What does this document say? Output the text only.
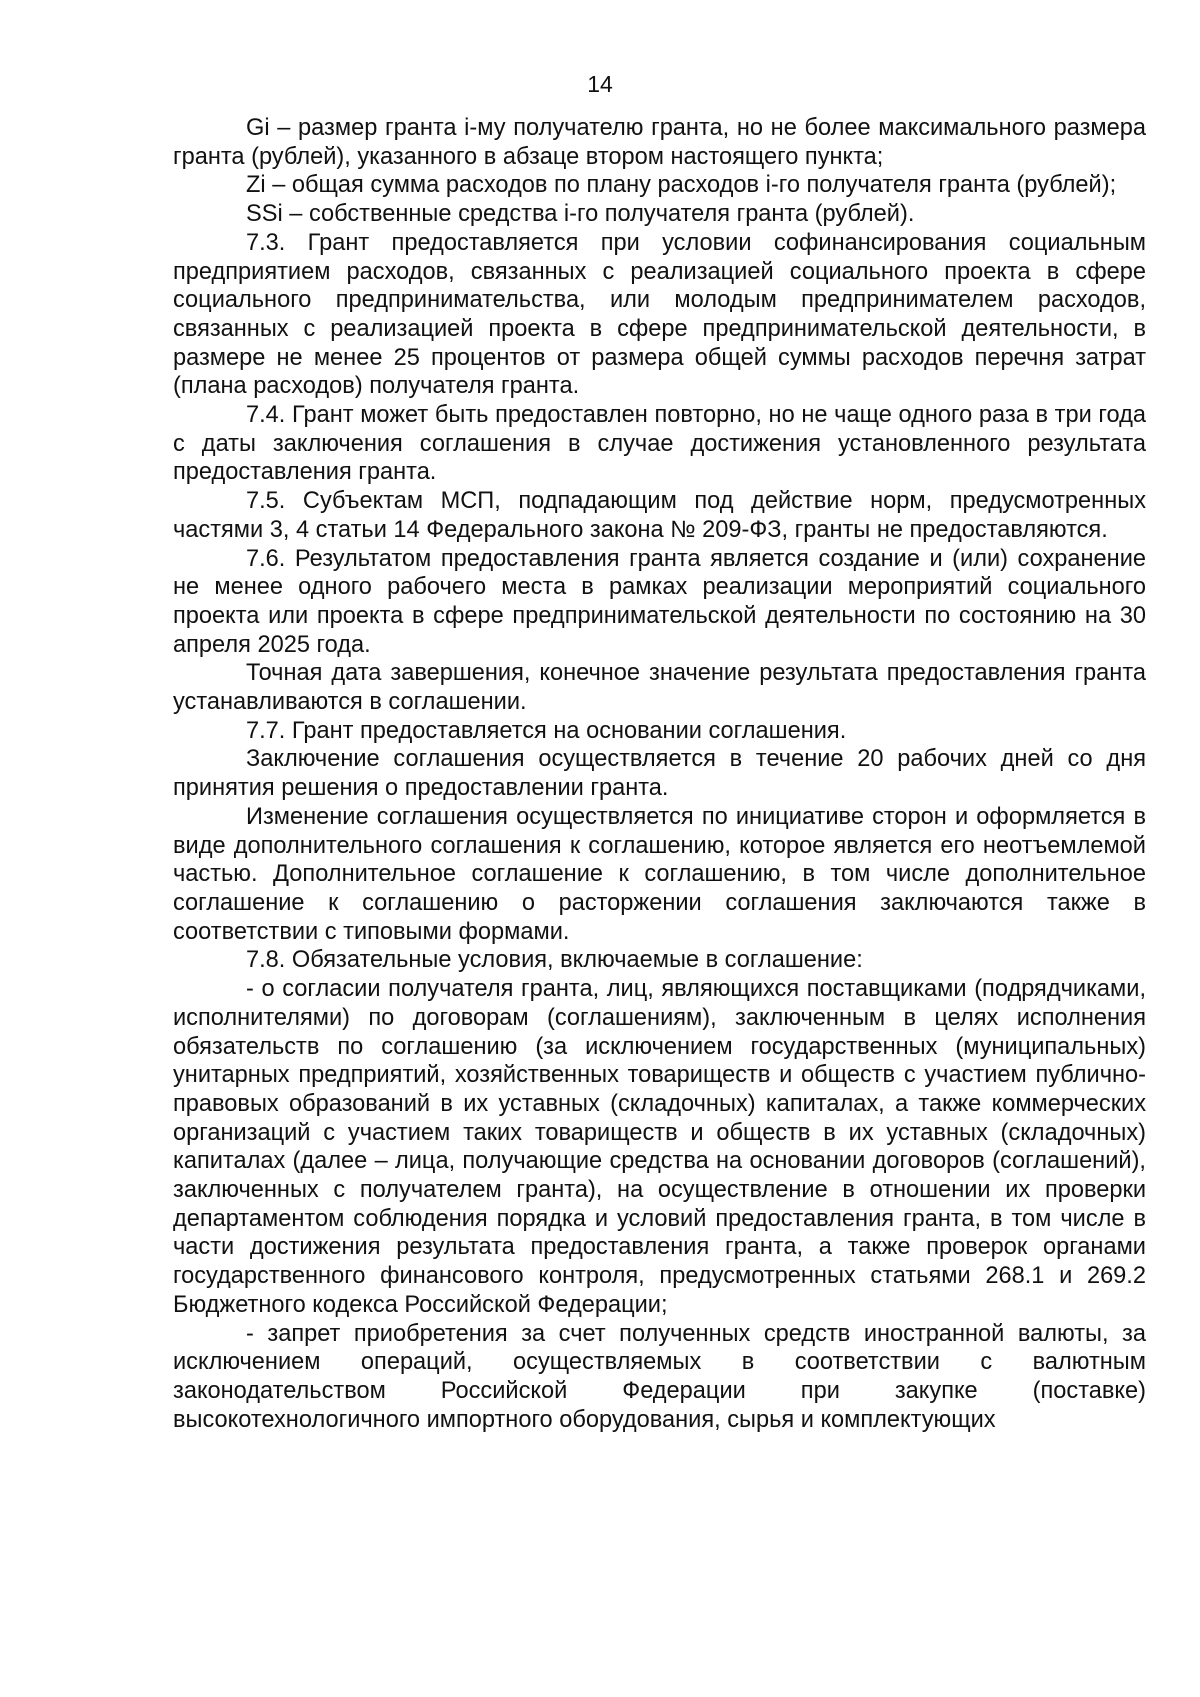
14

Gi – размер гранта i-му получателю гранта, но не более максимального размера гранта (рублей), указанного в абзаце втором настоящего пункта;

Zi – общая сумма расходов по плану расходов i-го получателя гранта (рублей);

SSi – собственные средства i-го получателя гранта (рублей).

7.3. Грант предоставляется при условии софинансирования социальным предприятием расходов, связанных с реализацией социального проекта в сфере социального предпринимательства, или молодым предпринимателем расходов, связанных с реализацией проекта в сфере предпринимательской деятельности, в размере не менее 25 процентов от размера общей суммы расходов перечня затрат (плана расходов) получателя гранта.

7.4. Грант может быть предоставлен повторно, но не чаще одного раза в три года с даты заключения соглашения в случае достижения установленного результата предоставления гранта.

7.5. Субъектам МСП, подпадающим под действие норм, предусмотренных частями 3, 4 статьи 14 Федерального закона № 209-ФЗ, гранты не предоставляются.

7.6. Результатом предоставления гранта является создание и (или) сохранение не менее одного рабочего места в рамках реализации мероприятий социального проекта или проекта в сфере предпринимательской деятельности по состоянию на 30 апреля 2025 года.

Точная дата завершения, конечное значение результата предоставления гранта устанавливаются в соглашении.

7.7. Грант предоставляется на основании соглашения.

Заключение соглашения осуществляется в течение 20 рабочих дней со дня принятия решения о предоставлении гранта.

Изменение соглашения осуществляется по инициативе сторон и оформляется в виде дополнительного соглашения к соглашению, которое является его неотъемлемой частью. Дополнительное соглашение к соглашению, в том числе дополнительное соглашение к соглашению о расторжении соглашения заключаются также в соответствии с типовыми формами.

7.8. Обязательные условия, включаемые в соглашение:

- о согласии получателя гранта, лиц, являющихся поставщиками (подрядчиками, исполнителями) по договорам (соглашениям), заключенным в целях исполнения обязательств по соглашению (за исключением государственных (муниципальных) унитарных предприятий, хозяйственных товариществ и обществ с участием публично-правовых образований в их уставных (складочных) капиталах, а также коммерческих организаций с участием таких товариществ и обществ в их уставных (складочных) капиталах (далее – лица, получающие средства на основании договоров (соглашений), заключенных с получателем гранта), на осуществление в отношении их проверки департаментом соблюдения порядка и условий предоставления гранта, в том числе в части достижения результата предоставления гранта, а также проверок органами государственного финансового контроля, предусмотренных статьями 268.1 и 269.2 Бюджетного кодекса Российской Федерации;

- запрет приобретения за счет полученных средств иностранной валюты, за исключением операций, осуществляемых в соответствии с валютным законодательством Российской Федерации при закупке (поставке) высокотехнологичного импортного оборудования, сырья и комплектующих
